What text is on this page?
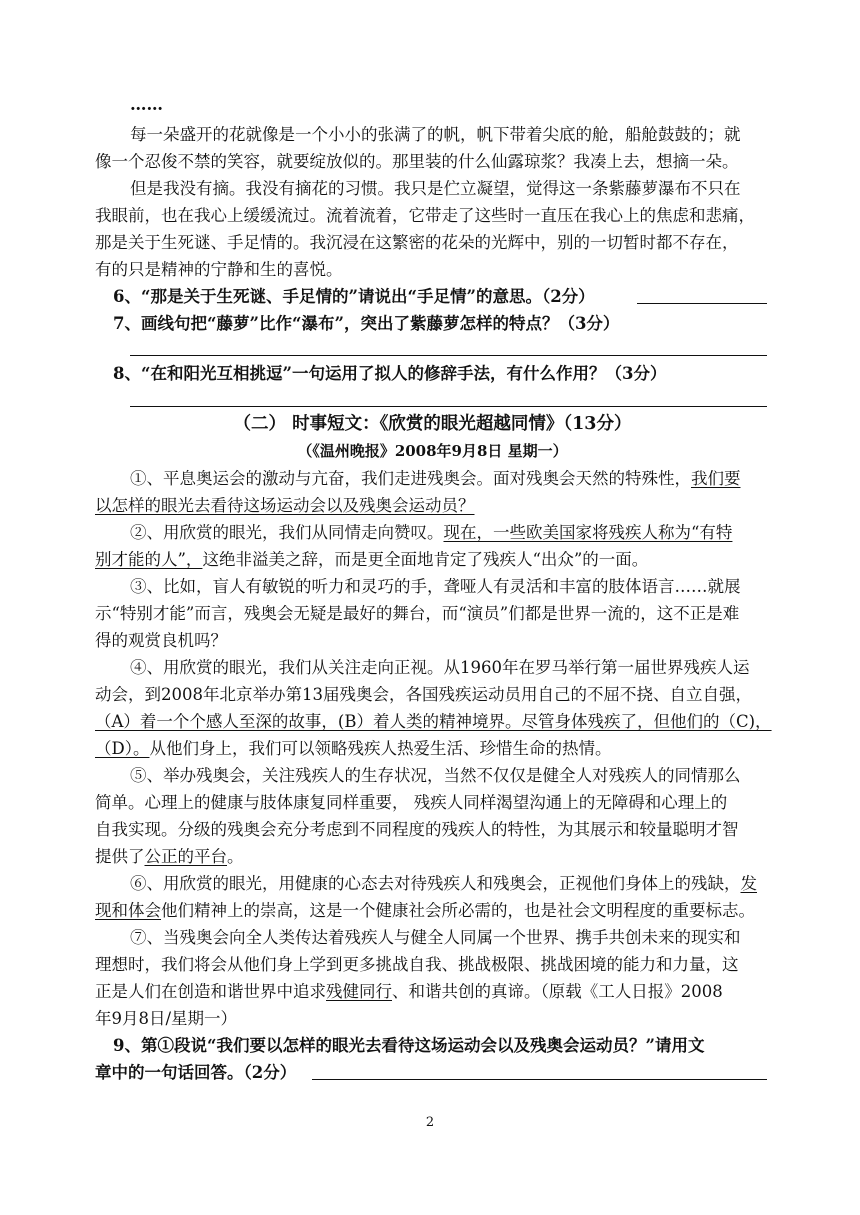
……
每一朵盛开的花就像是一个小小的张满了的帆，帆下带着尖底的舱，船舱鼓鼓的；就
像一个忍俊不禁的笑容，就要绽放似的。那里装的什么仙露琼浆？我凑上去，想摘一朵。
但是我没有摘。我没有摘花的习惯。我只是伫立凝望，觉得这一条紫藤萝瀑布不只在
我眼前，也在我心上缓缓流过。流着流着，它带走了这些时一直压在我心上的焦虑和悲痛，
那是关于生死谜、手足情的。我沉浸在这繁密的花朵的光辉中，别的一切暂时都不存在，
有的只是精神的宁静和生的喜悦。
6、“那是关于生死谜、手足情的”请说出“手足情”的意思。（2分）
7、画线句把“藤萝”比作“瀑布”，突出了紫藤萝怎样的特点？（3分）
8、“在和阳光互相挑逗”一句运用了拟人的修辞手法，有什么作用？（3分）
（二） 时事短文：《欣赏的眼光超越同情》（13分）
（《温州晚报》2008年9月8日 星期一）
①、平息奥运会的激动与亢奋，我们走进残奥会。面对残奥会天然的特殊性，我们要
以怎样的眼光去看待这场运动会以及残奥会运动员？
②、用欣赏的眼光，我们从同情走向赞叹。现在，一些欧美国家将残疾人称为“有特
别才能的人”，这绝非溢美之辞，而是更全面地肯定了残疾人“出众”的一面。
③、比如，盲人有敏锐的听力和灵巧的手，聋哑人有灵活和丰富的肢体语言……就展
示“特别才能”而言，残奥会无疑是最好的舞台，而“演员”们都是世界一流的，这不正是难
得的观赏良机吗？
④、用欣赏的眼光，我们从关注走向正视。从1960年在罗马举行第一届世界残疾人运
动会，到2008年北京举办第13届残奥会，各国残疾运动员用自己的不屈不挠、自立自强，
（A）着一个个感人至深的故事，(B）着人类的精神境界。尽管身体残疾了，但他们的（C)，
（D）。从他们身上，我们可以领略残疾人热爱生活、珍惜生命的热情。
⑤、举办残奥会，关注残疾人的生存状况，当然不仅仅是健全人对残疾人的同情那么
简单。心理上的健康与肢体康复同样重要， 残疾人同样渴望沟通上的无障碍和心理上的
自我实现。分级的残奥会充分考虑到不同程度的残疾人的特性，为其展示和较量聪明才智
提供了公正的平台。
⑥、用欣赏的眼光，用健康的心态去对待残疾人和残奥会，正视他们身体上的残缺，发
现和体会他们精神上的崇高，这是一个健康社会所必需的，也是社会文明程度的重要标志。
⑦、当残奥会向全人类传达着残疾人与健全人同属一个世界、携手共创未来的现实和
理想时，我们将会从他们身上学到更多挑战自我、挑战极限、挑战困境的能力和力量，这
正是人们在创造和谐世界中追求残健同行、和谐共创的真谛。（原载《工人日报》2008
年9月8日/星期一）
9、第①段说“我们要以怎样的眼光去看待这场运动会以及残奥会运动员？”请用文
章中的一句话回答。（2分）
2
